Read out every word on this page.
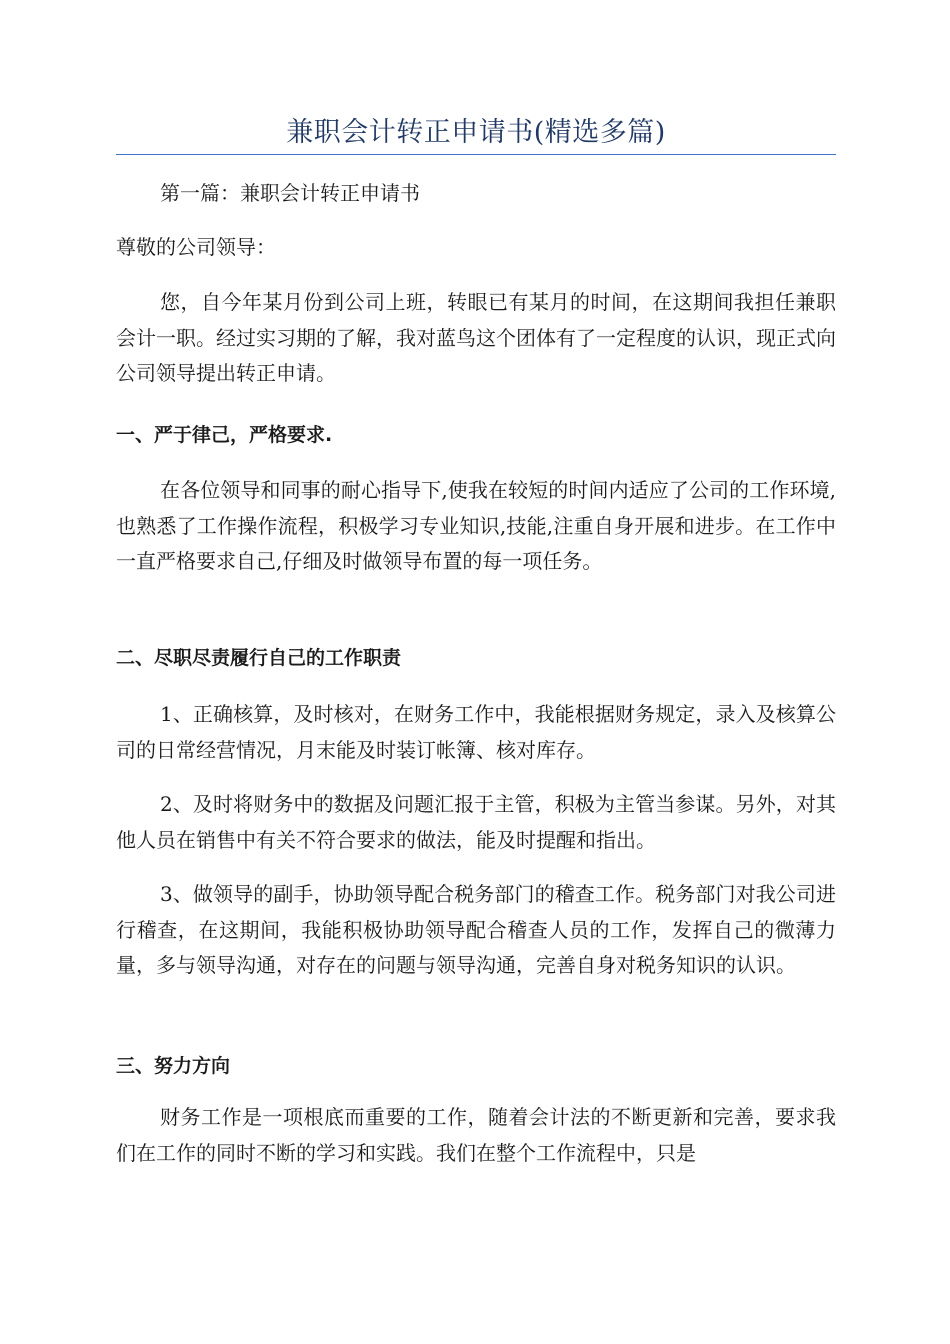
兼职会计转正申请书(精选多篇)

第一篇：兼职会计转正申请书

尊敬的公司领导：

您，自今年某月份到公司上班，转眼已有某月的时间，在这期间我担任兼职会计一职。经过实习期的了解，我对蓝鸟这个团体有了一定程度的认识，现正式向公司领导提出转正申请。

一、严于律己，严格要求.

在各位领导和同事的耐心指导下,使我在较短的时间内适应了公司的工作环境,也熟悉了工作操作流程，积极学习专业知识,技能,注重自身开展和进步。在工作中一直严格要求自己,仔细及时做领导布置的每一项任务。

二、尽职尽责履行自己的工作职责

1、正确核算，及时核对，在财务工作中，我能根据财务规定，录入及核算公司的日常经营情况，月末能及时装订帐簿、核对库存。

2、及时将财务中的数据及问题汇报于主管，积极为主管当参谋。另外，对其他人员在销售中有关不符合要求的做法，能及时提醒和指出。

3、做领导的副手，协助领导配合税务部门的稽查工作。税务部门对我公司进行稽查，在这期间，我能积极协助领导配合稽查人员的工作，发挥自己的微薄力量，多与领导沟通，对存在的问题与领导沟通，完善自身对税务知识的认识。

三、努力方向

财务工作是一项根底而重要的工作，随着会计法的不断更新和完善，要求我们在工作的同时不断的学习和实践。我们在整个工作流程中，只是
